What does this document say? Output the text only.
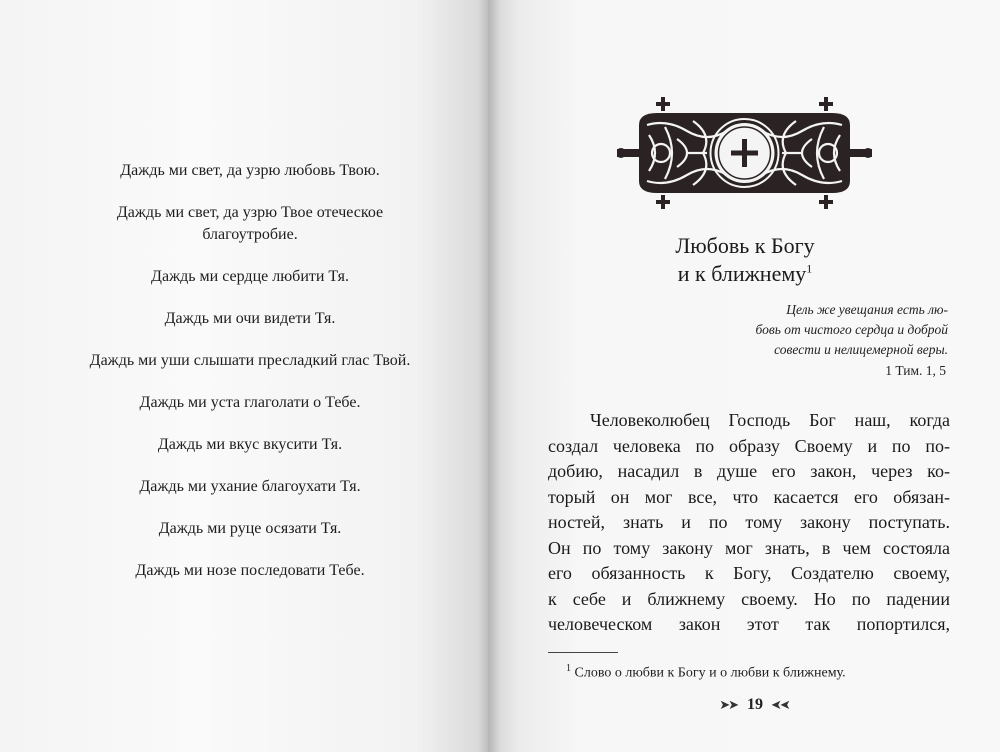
Даждь ми свет, да узрю любовь Твою.

Даждь ми свет, да узрю Твое отеческое
благоутробие.

Даждь ми сердце любити Тя.

Даждь ми очи видети Тя.

Даждь ми уши слышати пресладкий глас Твой.

Даждь ми уста глаголати о Тебе.

Даждь ми вкус вкусити Тя.

Даждь ми ухание благоухати Тя.

Даждь ми руце осязати Тя.

Даждь ми нозе последовати Тебе.

Любовь к Богу
и к ближнему$^1$
Цель же увещания есть лю-
бовь от чистого сердца и доброй
совести и нелицемерной веры.
1 Тим. 1, 5
Человеколюбец Господь Бог наш, когда
создал человека по образу Своему и по по-
добию, насадил в душе его закон, через ко-
торый он мог все, что касается его обязан-
ностей, знать и по тому закону поступать.
Он по тому закону мог знать, в чем состояла
его обязанность к Богу, Создателю своему,
к себе и ближнему своему. Но по падении
человеческом закон этот так попортился,
$^1$ Слово о любви к Богу и о любви к ближнему.
➤➤ 19 ➤➤
